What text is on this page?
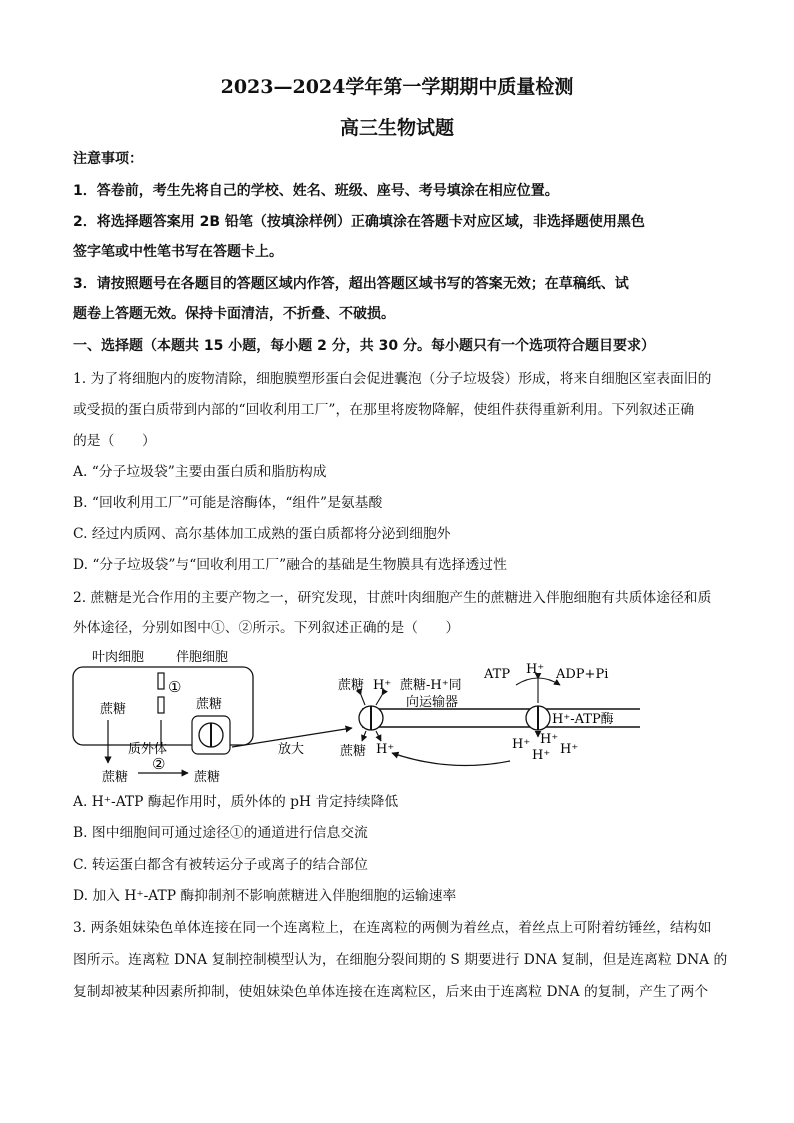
2023—2024学年第一学期期中质量检测
高三生物试题
注意事项：
1．答卷前，考生先将自己的学校、姓名、班级、座号、考号填涂在相应位置。
2．将选择题答案用 2B 铅笔（按填涂样例）正确填涂在答题卡对应区域，非选择题使用黑色
签字笔或中性笔书写在答题卡上。
3．请按照题号在各题目的答题区域内作答，超出答题区域书写的答案无效；在草稿纸、试
题卷上答题无效。保持卡面清洁，不折叠、不破损。
一、选择题（本题共 15 小题，每小题 2 分，共 30 分。每小题只有一个选项符合题目要求）
1. 为了将细胞内的废物清除，细胞膜塑形蛋白会促进囊泡（分子垃圾袋）形成，将来自细胞区室表面旧的
或受损的蛋白质带到内部的“回收利用工厂”，在那里将废物降解，使组件获得重新利用。下列叙述正确
的是（　　）
A. “分子垃圾袋”主要由蛋白质和脂肪构成
B. “回收利用工厂”可能是溶酶体，“组件”是氨基酸
C. 经过内质网、高尔基体加工成熟的蛋白质都将分泌到细胞外
D. “分子垃圾袋”与“回收利用工厂”融合的基础是生物膜具有选择透过性
2. 蔗糖是光合作用的主要产物之一，研究发现，甘蔗叶肉细胞产生的蔗糖进入伴胞细胞有共质体途径和质
外体途径，分别如图中①、②所示。下列叙述正确的是（　　）
叶肉细胞 伴胞细胞
①
蔗糖	蔗糖
质外体
蔗糖
②
蔗糖
放大
蔗糖 H⁺ 蔗糖-H⁺同
向运输器
蔗糖 H⁺
ATP H⁺ ADP+Pi
H⁺-ATP酶
H⁺ H⁺
H⁺ H⁺
A. H⁺-ATP 酶起作用时，质外体的 pH 肯定持续降低
B. 图中细胞间可通过途径①的通道进行信息交流
C. 转运蛋白都含有被转运分子或离子的结合部位
D. 加入 H⁺-ATP 酶抑制剂不影响蔗糖进入伴胞细胞的运输速率
3. 两条姐妹染色单体连接在同一个连离粒上，在连离粒的两侧为着丝点，着丝点上可附着纺锤丝，结构如
图所示。连离粒 DNA 复制控制模型认为，在细胞分裂间期的 S 期要进行 DNA 复制，但是连离粒 DNA 的
复制却被某种因素所抑制，使姐妹染色单体连接在连离粒区，后来由于连离粒 DNA 的复制，产生了两个
